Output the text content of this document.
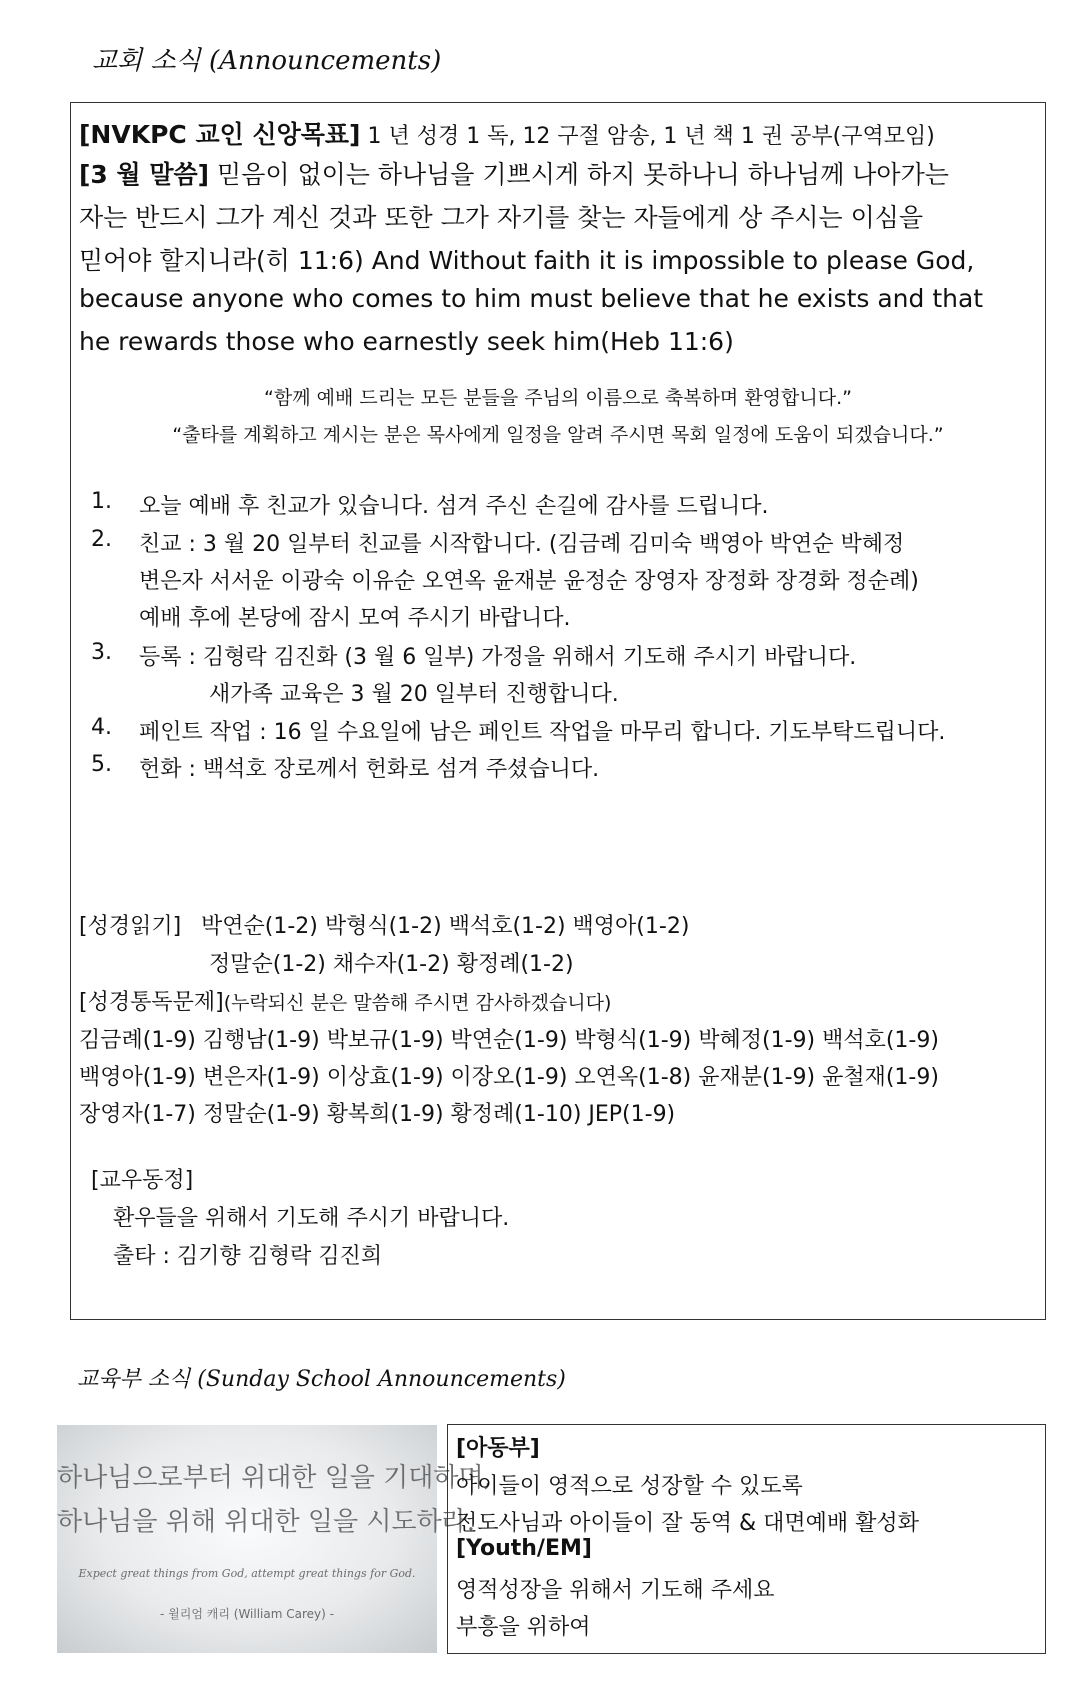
교회 소식 (Announcements)
[NVKPC 교인 신앙목표] 1 년 성경 1 독, 12 구절 암송, 1 년 책 1 권 공부(구역모임)
[3 월 말씀] 믿음이 없이는 하나님을 기쁘시게 하지 못하나니 하나님께 나아가는
자는 반드시 그가 계신 것과 또한 그가 자기를 찾는 자들에게 상 주시는 이심을
믿어야 할지니라(히 11:6) And Without faith it is impossible to please God,
because anyone who comes to him must believe that he exists and that
he rewards those who earnestly seek him(Heb 11:6)
“함께 예배 드리는 모든 분들을 주님의 이름으로 축복하며 환영합니다.”
“출타를 계획하고 계시는 분은 목사에게 일정을 알려 주시면 목회 일정에 도움이 되겠습니다.”
1. 오늘 예배 후 친교가 있습니다. 섬겨 주신 손길에 감사를 드립니다.
2. 친교 : 3 월 20 일부터 친교를 시작합니다. (김금례 김미숙 백영아 박연순 박혜정
변은자 서서운 이광숙 이유순 오연옥 윤재분 윤정순 장영자 장정화 장경화 정순례)
예배 후에 본당에 잠시 모여 주시기 바랍니다.
3. 등록 : 김형락 김진화 (3 월 6 일부) 가정을 위해서 기도해 주시기 바랍니다.
새가족 교육은 3 월 20 일부터 진행합니다.
4. 페인트 작업 : 16 일 수요일에 남은 페인트 작업을 마무리 합니다. 기도부탁드립니다.
5. 헌화 : 백석호 장로께서 헌화로 섬겨 주셨습니다.
[성경읽기] 박연순(1-2) 박형식(1-2) 백석호(1-2) 백영아(1-2)
정말순(1-2) 채수자(1-2) 황정례(1-2)
[성경통독문제](누락되신 분은 말씀해 주시면 감사하겠습니다)
김금례(1-9) 김행남(1-9) 박보규(1-9) 박연순(1-9) 박형식(1-9) 박혜정(1-9) 백석호(1-9)
백영아(1-9) 변은자(1-9) 이상효(1-9) 이장오(1-9) 오연옥(1-8) 윤재분(1-9) 윤철재(1-9)
장영자(1-7) 정말순(1-9) 황복희(1-9) 황정례(1-10) JEP(1-9)
[교우동정]
환우들을 위해서 기도해 주시기 바랍니다.
출타 : 김기향 김형락 김진희
교육부 소식 (Sunday School Announcements)
하나님으로부터 위대한 일을 기대하며,
하나님을 위해 위대한 일을 시도하라.
Expect great things from God, attempt great things for God.
- 윌리엄 캐리 (William Carey) -
[아동부]
아이들이 영적으로 성장할 수 있도록
전도사님과 아이들이 잘 동역 & 대면예배 활성화
[Youth/EM]
영적성장을 위해서 기도해 주세요
부흥을 위하여
